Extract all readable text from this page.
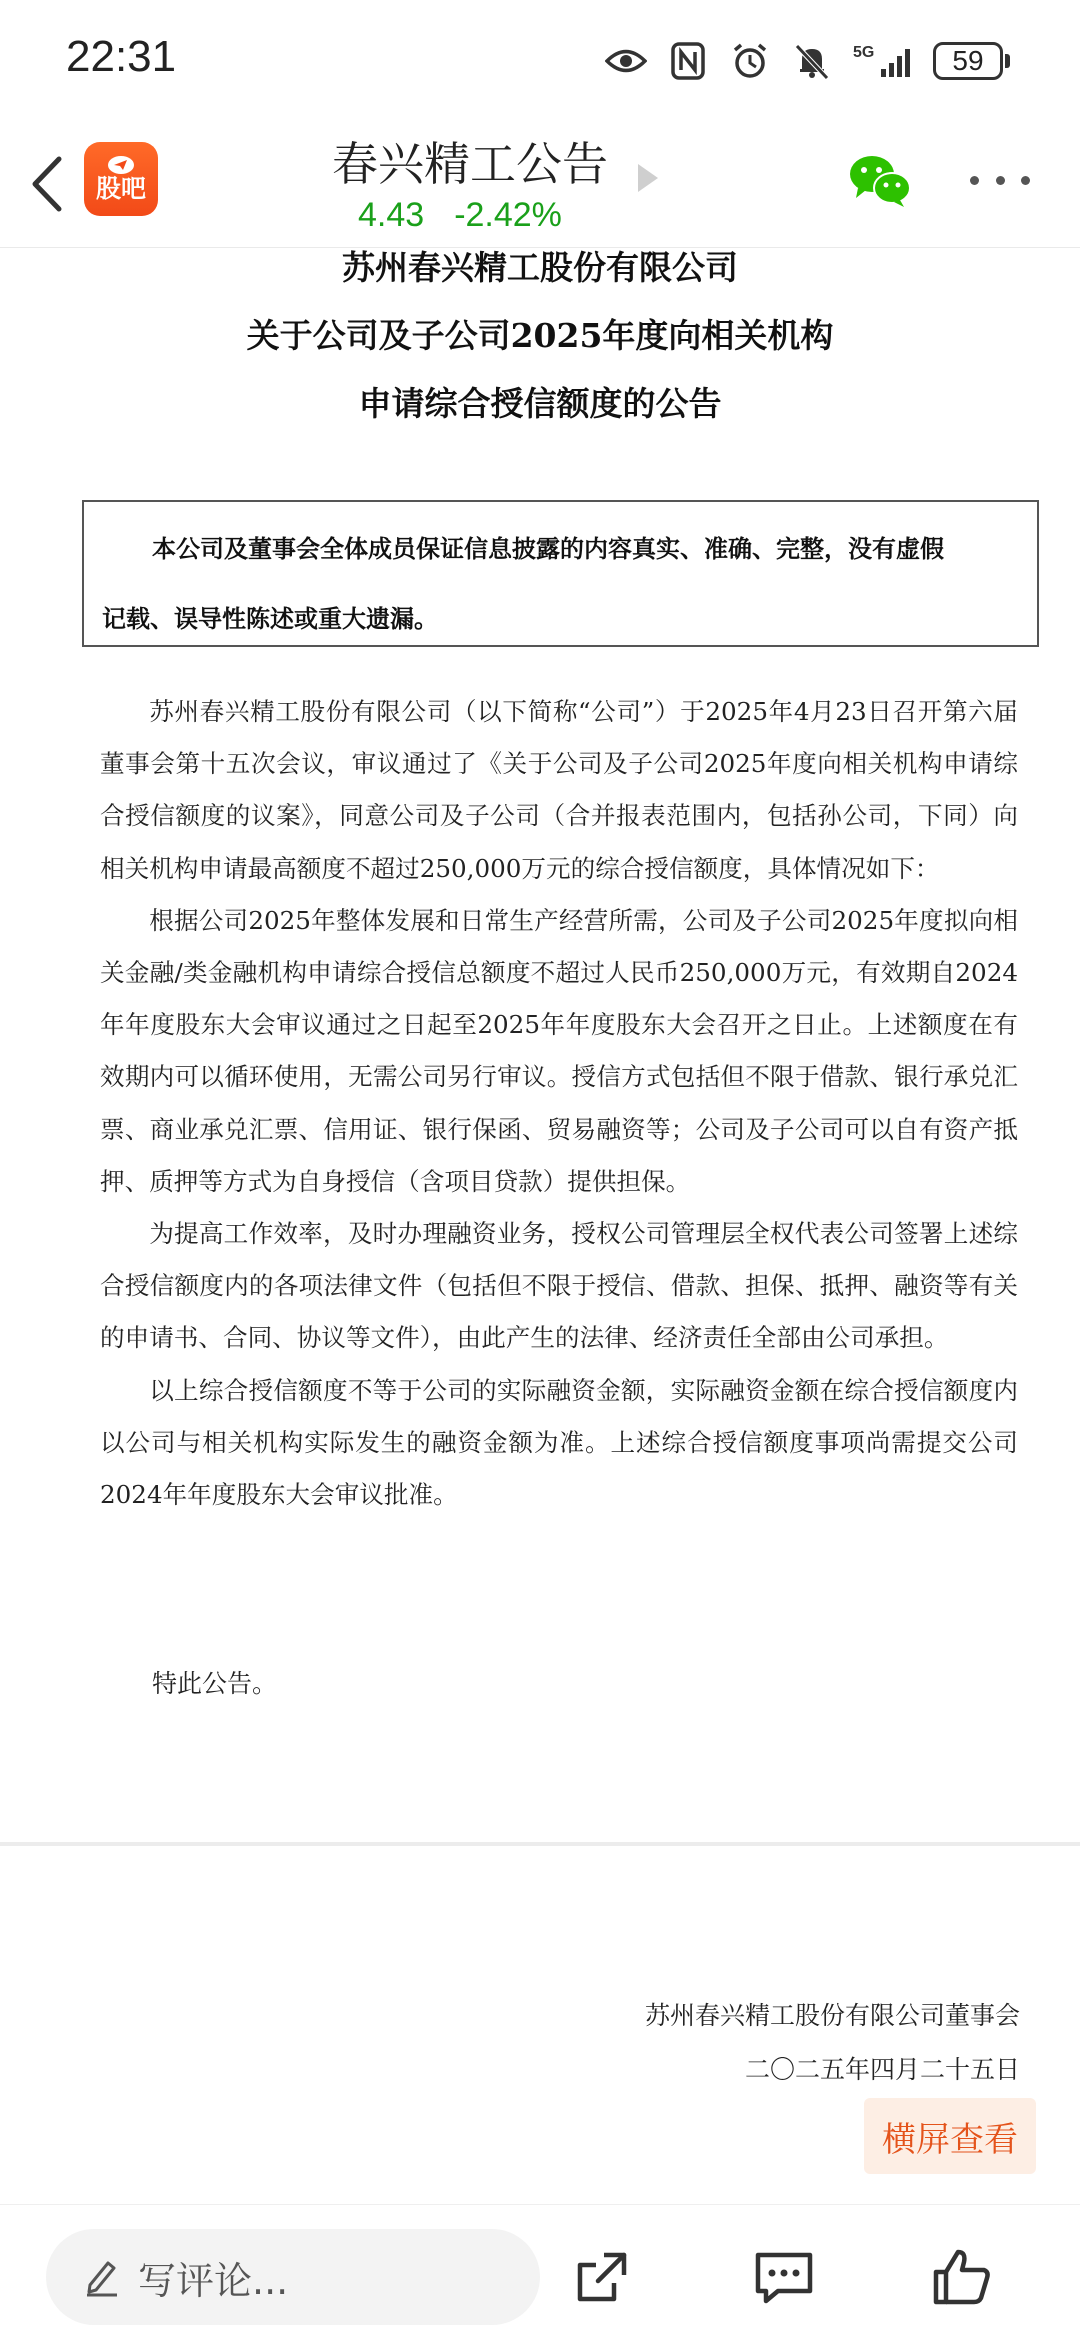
22:31	5G	59
股吧	春兴精工公告
4.43 -2.42%
苏州春兴精工股份有限公司
关于公司及子公司2025年度向相关机构
申请综合授信额度的公告
本公司及董事会全体成员保证信息披露的内容真实、准确、完整，没有虚假
记载、误导性陈述或重大遗漏。

苏州春兴精工股份有限公司（以下简称“公司”）于2025年4月23日召开第六届董事会第十五次会议，审议通过了《关于公司及子公司2025年度向相关机构申请综合授信额度的议案》，同意公司及子公司（合并报表范围内，包括孙公司，下同）向相关机构申请最高额度不超过250,000万元的综合授信额度，具体情况如下：

根据公司2025年整体发展和日常生产经营所需，公司及子公司2025年度拟向相关金融/类金融机构申请综合授信总额度不超过人民币250,000万元，有效期自2024年年度股东大会审议通过之日起至2025年年度股东大会召开之日止。上述额度在有效期内可以循环使用，无需公司另行审议。授信方式包括但不限于借款、银行承兑汇票、商业承兑汇票、信用证、银行保函、贸易融资等；公司及子公司可以自有资产抵押、质押等方式为自身授信（含项目贷款）提供担保。

为提高工作效率，及时办理融资业务，授权公司管理层全权代表公司签署上述综合授信额度内的各项法律文件（包括但不限于授信、借款、担保、抵押、融资等有关的申请书、合同、协议等文件），由此产生的法律、经济责任全部由公司承担。

以上综合授信额度不等于公司的实际融资金额，实际融资金额在综合授信额度内以公司与相关机构实际发生的融资金额为准。上述综合授信额度事项尚需提交公司2024年年度股东大会审议批准。

特此公告。
苏州春兴精工股份有限公司董事会
二〇二五年四月二十五日
横屏查看
写评论...
